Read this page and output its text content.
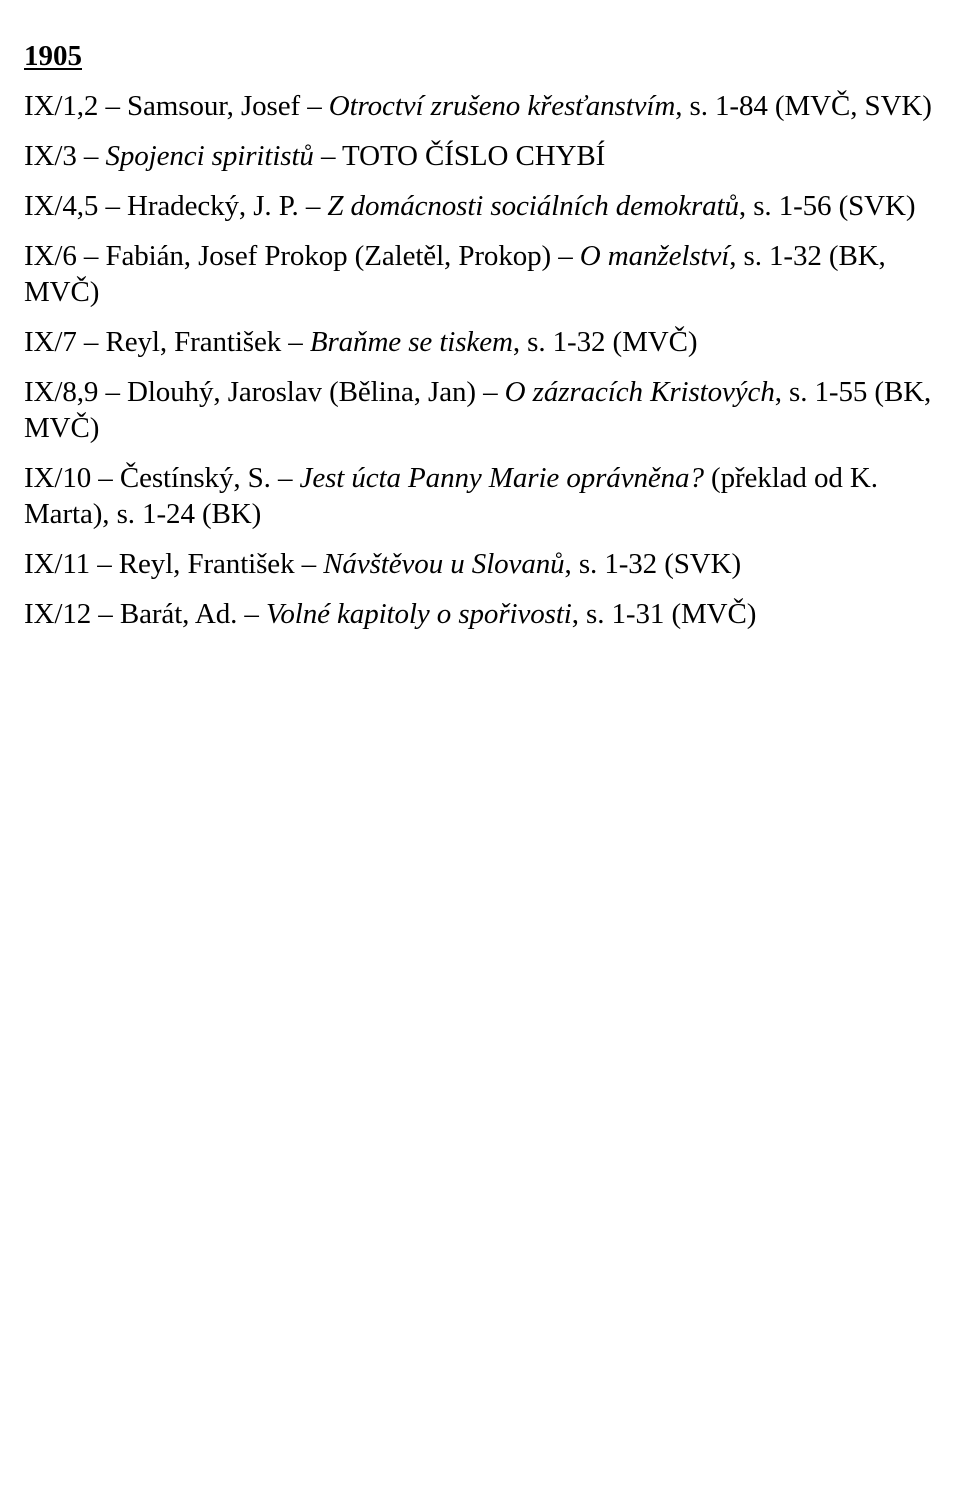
1905
IX/1,2 – Samsour, Josef – Otroctví zrušeno křesťanstvím, s. 1-84 (MVČ, SVK)
IX/3 – Spojenci spiritistů – TOTO ČÍSLO CHYBÍ
IX/4,5 – Hradecký, J. P. – Z domácnosti sociálních demokratů, s. 1-56 (SVK)
IX/6 – Fabián, Josef Prokop (Zaletěl, Prokop) – O manželství, s. 1-32 (BK, MVČ)
IX/7 – Reyl, František – Braňme se tiskem, s. 1-32 (MVČ)
IX/8,9 – Dlouhý, Jaroslav (Bělina, Jan) – O zázracích Kristových, s. 1-55 (BK, MVČ)
IX/10 – Čestínský, S. – Jest úcta Panny Marie oprávněna? (překlad od K. Marta), s. 1-24 (BK)
IX/11 – Reyl, František – Návštěvou u Slovanů, s. 1-32 (SVK)
IX/12 – Barát, Ad. – Volné kapitoly o spořivosti, s. 1-31 (MVČ)
